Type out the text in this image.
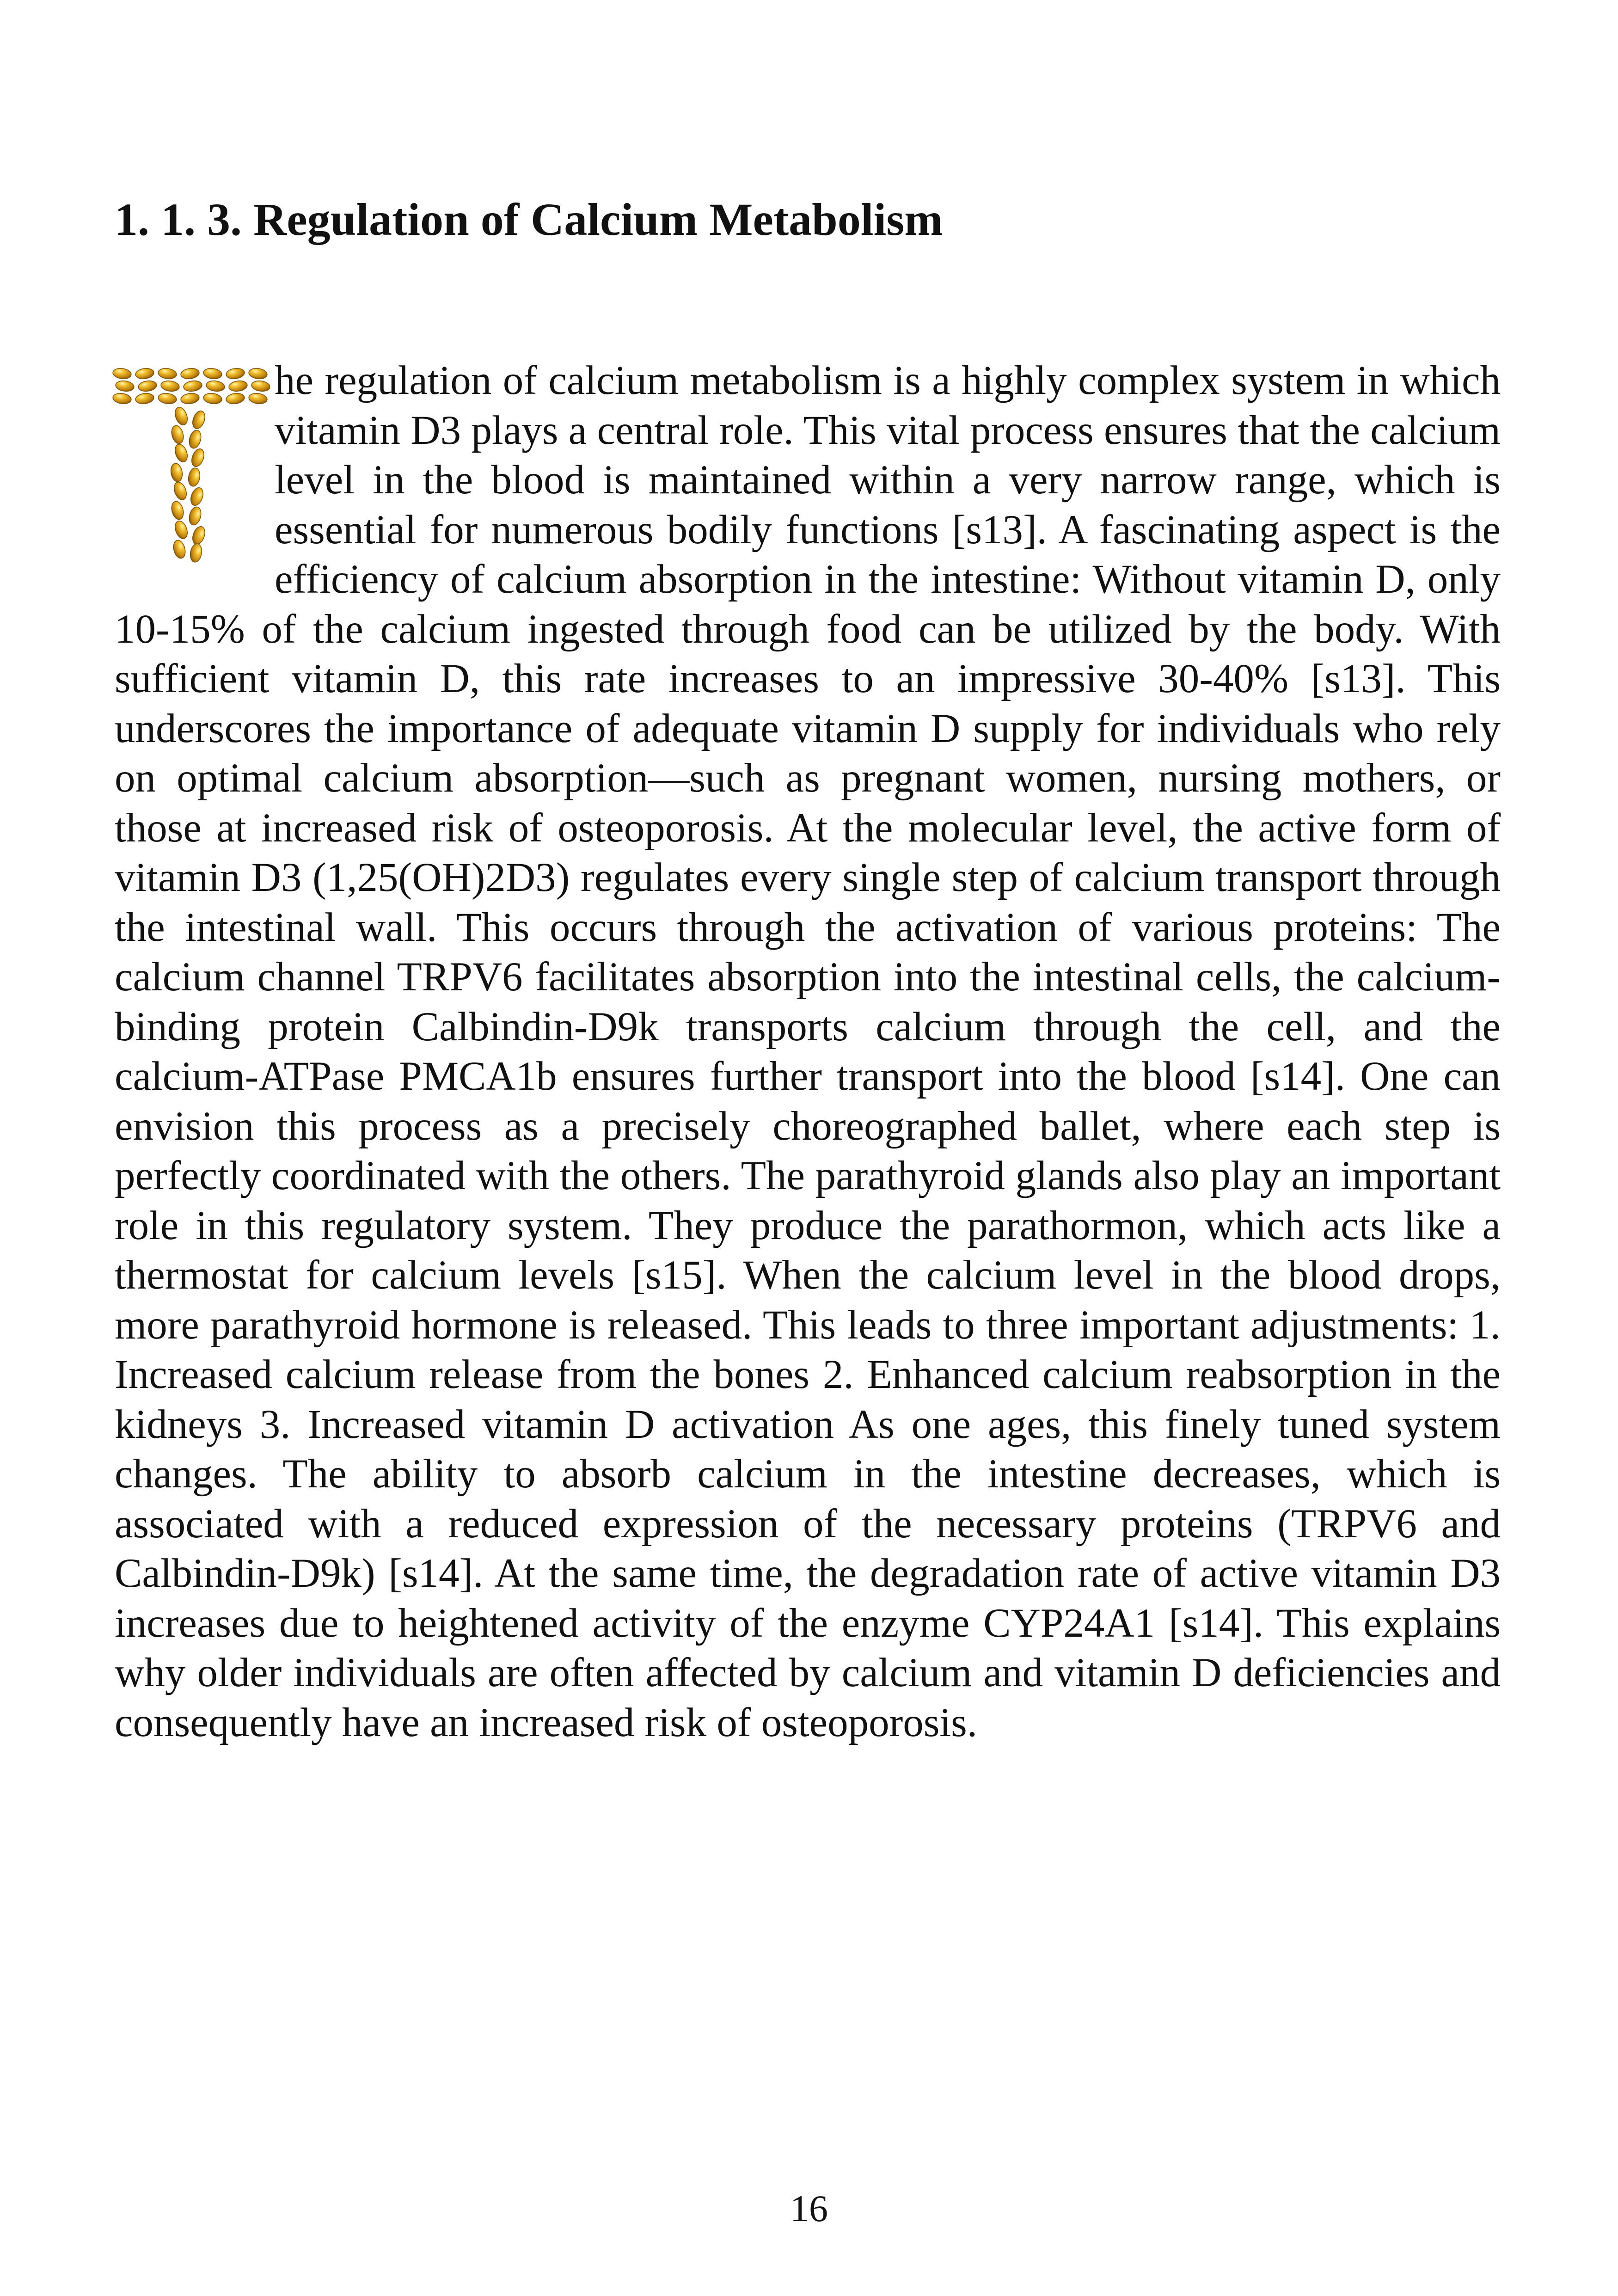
1. 1. 3. Regulation of Calcium Metabolism

he regulation of calcium metabolism is a highly complex system in which vitamin D3 plays a central role. This vital process ensures that the calcium level in the blood is maintained within a very narrow range, which is essential for numerous bodily functions [s13]. A fascinating aspect is the efficiency of calcium absorption in the intestine: Without vitamin D, only 10-15% of the calcium ingested through food can be utilized by the body. With sufficient vitamin D, this rate increases to an impressive 30-40% [s13]. This underscores the importance of adequate vitamin D supply for individuals who rely on optimal calcium absorption—such as pregnant women, nursing mothers, or those at increased risk of osteoporosis. At the molecular level, the active form of vitamin D3 (1,25(OH)2D3) regulates every single step of calcium transport through the intestinal wall. This occurs through the activation of various proteins: The calcium channel TRPV6 facilitates absorption into the intestinal cells, the calcium-binding protein Calbindin-D9k transports calcium through the cell, and the calcium-ATPase PMCA1b ensures further transport into the blood [s14]. One can envision this process as a precisely choreographed ballet, where each step is perfectly coordinated with the others. The parathyroid glands also play an important role in this regulatory system. They produce the parathormon, which acts like a thermostat for calcium levels [s15]. When the calcium level in the blood drops, more parathyroid hormone is released. This leads to three important adjustments: 1. Increased calcium release from the bones 2. Enhanced calcium reabsorption in the kidneys 3. Increased vitamin D activation As one ages, this finely tuned system changes. The ability to absorb calcium in the intestine decreases, which is associated with a reduced expression of the necessary proteins (TRPV6 and Calbindin-D9k) [s14]. At the same time, the degradation rate of active vitamin D3 increases due to heightened activity of the enzyme CYP24A1 [s14]. This explains why older individuals are often affected by calcium and vitamin D deficiencies and consequently have an increased risk of osteoporosis.

16
